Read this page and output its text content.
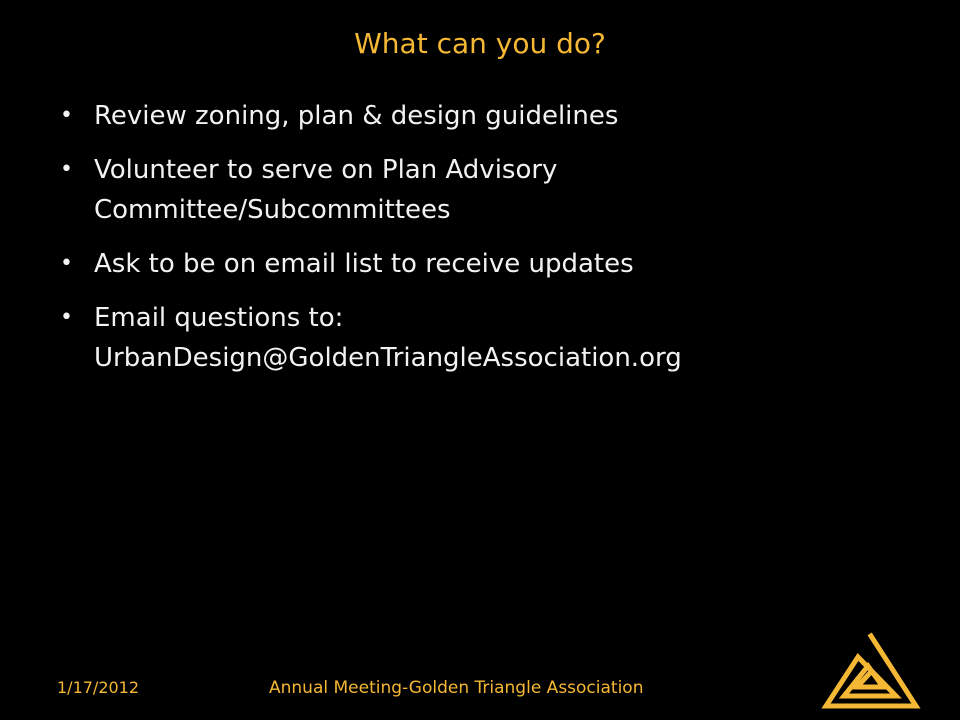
What can you do?
• Review zoning, plan & design guidelines
• Volunteer to serve on Plan Advisory Committee/Subcommittees
• Ask to be on email list to receive updates
• Email questions to: UrbanDesign@GoldenTriangleAssociation.org
1/17/2012	Annual Meeting-Golden Triangle Association
